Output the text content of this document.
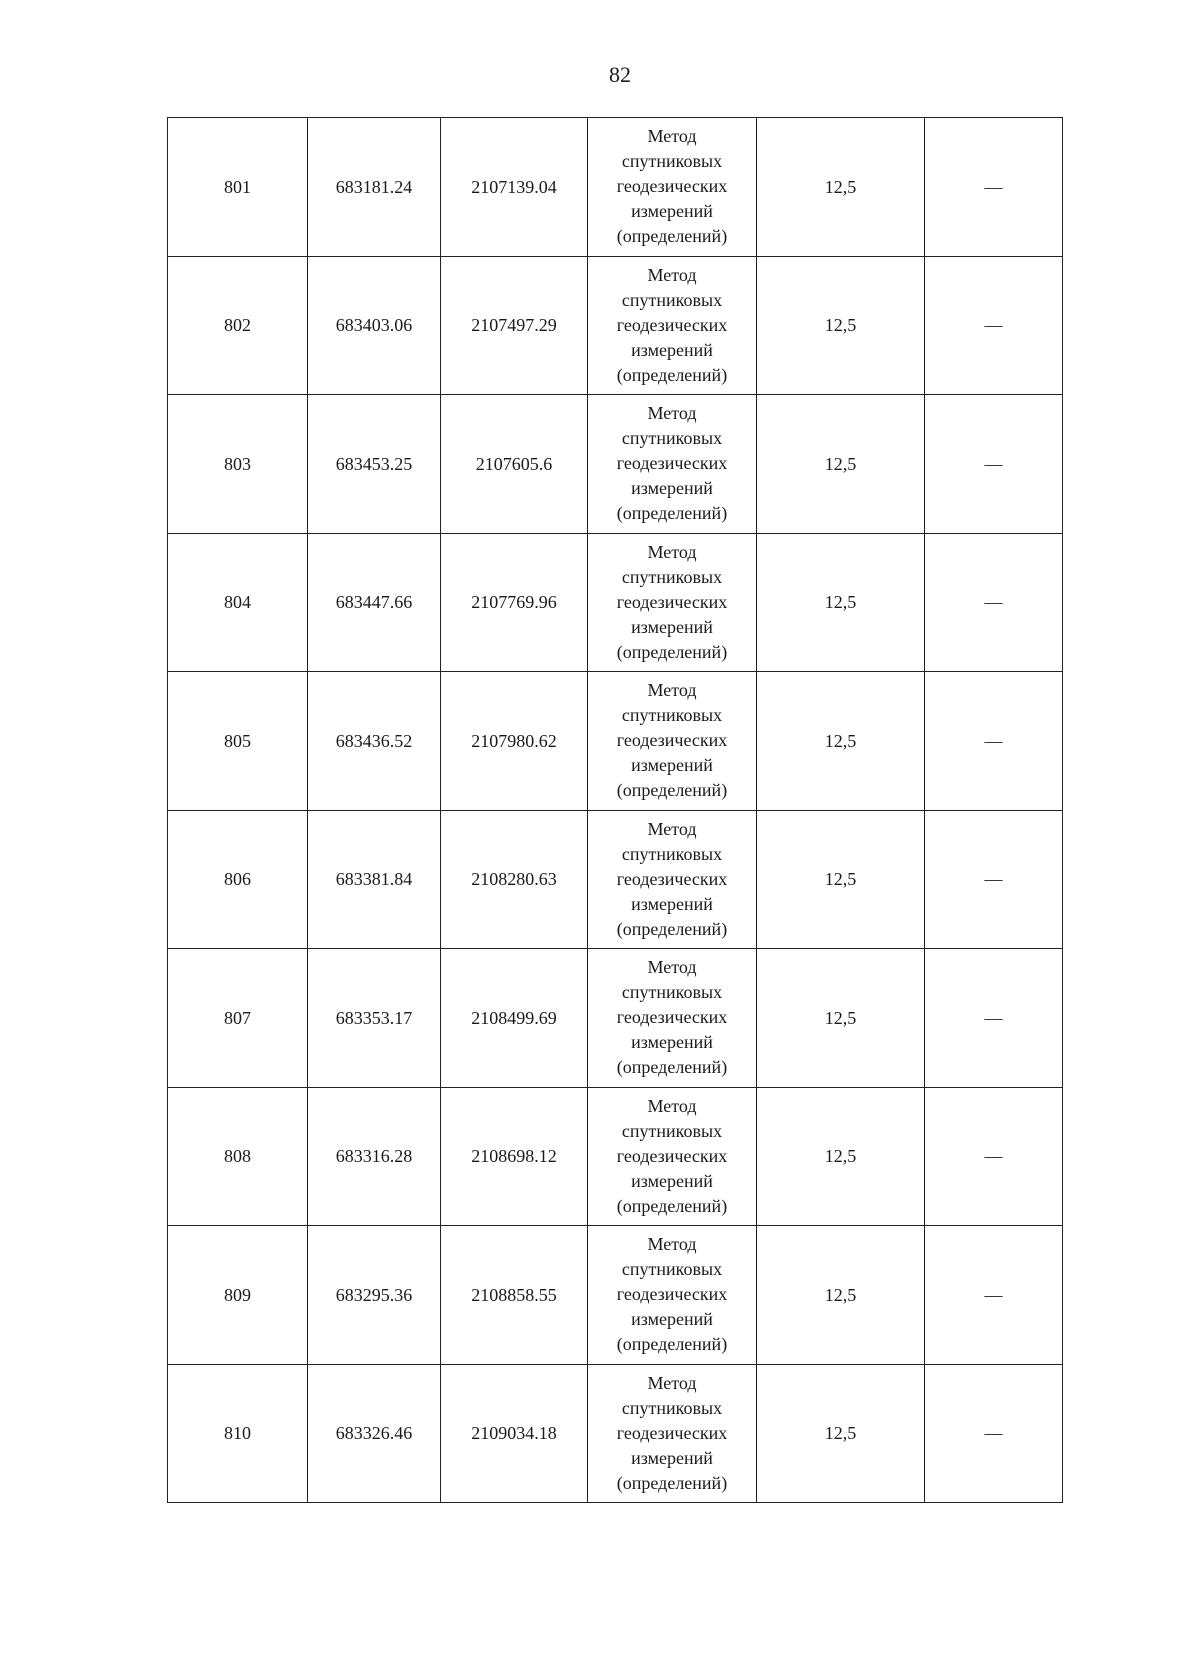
82
801	683181.24	2107139.04	Метод
спутниковых
геодезических
измерений
(определений)	12,5	—

802	683403.06	2107497.29	Метод
спутниковых
геодезических
измерений
(определений)	12,5	—

803	683453.25	2107605.6	Метод
спутниковых
геодезических
измерений
(определений)	12,5	—

804	683447.66	2107769.96	Метод
спутниковых
геодезических
измерений
(определений)	12,5	—

805	683436.52	2107980.62	Метод
спутниковых
геодезических
измерений
(определений)	12,5	—

806	683381.84	2108280.63	Метод
спутниковых
геодезических
измерений
(определений)	12,5	—

807	683353.17	2108499.69	Метод
спутниковых
геодезических
измерений
(определений)	12,5	—

808	683316.28	2108698.12	Метод
спутниковых
геодезических
измерений
(определений)	12,5	—

809	683295.36	2108858.55	Метод
спутниковых
геодезических
измерений
(определений)	12,5	—

810	683326.46	2109034.18	Метод
спутниковых
геодезических
измерений
(определений)	12,5	—
